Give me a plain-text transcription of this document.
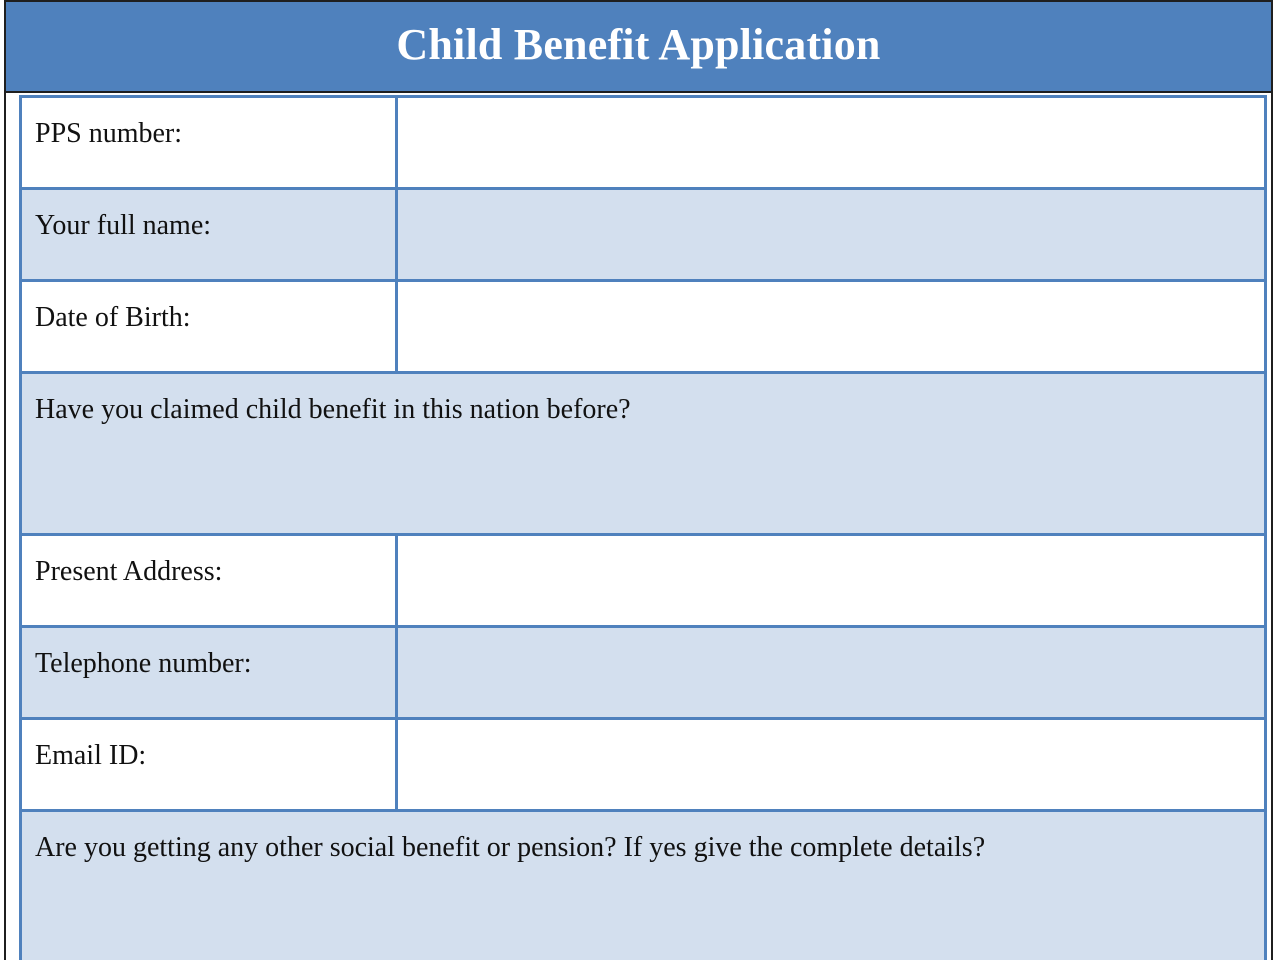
Child Benefit Application
PPS number:	
Your full name:	
Date of Birth:	
Have you claimed child benefit in this nation before?	
Present Address:	
Telephone number:	
Email ID:	
Are you getting any other social benefit or pension? If yes give the complete details?	
